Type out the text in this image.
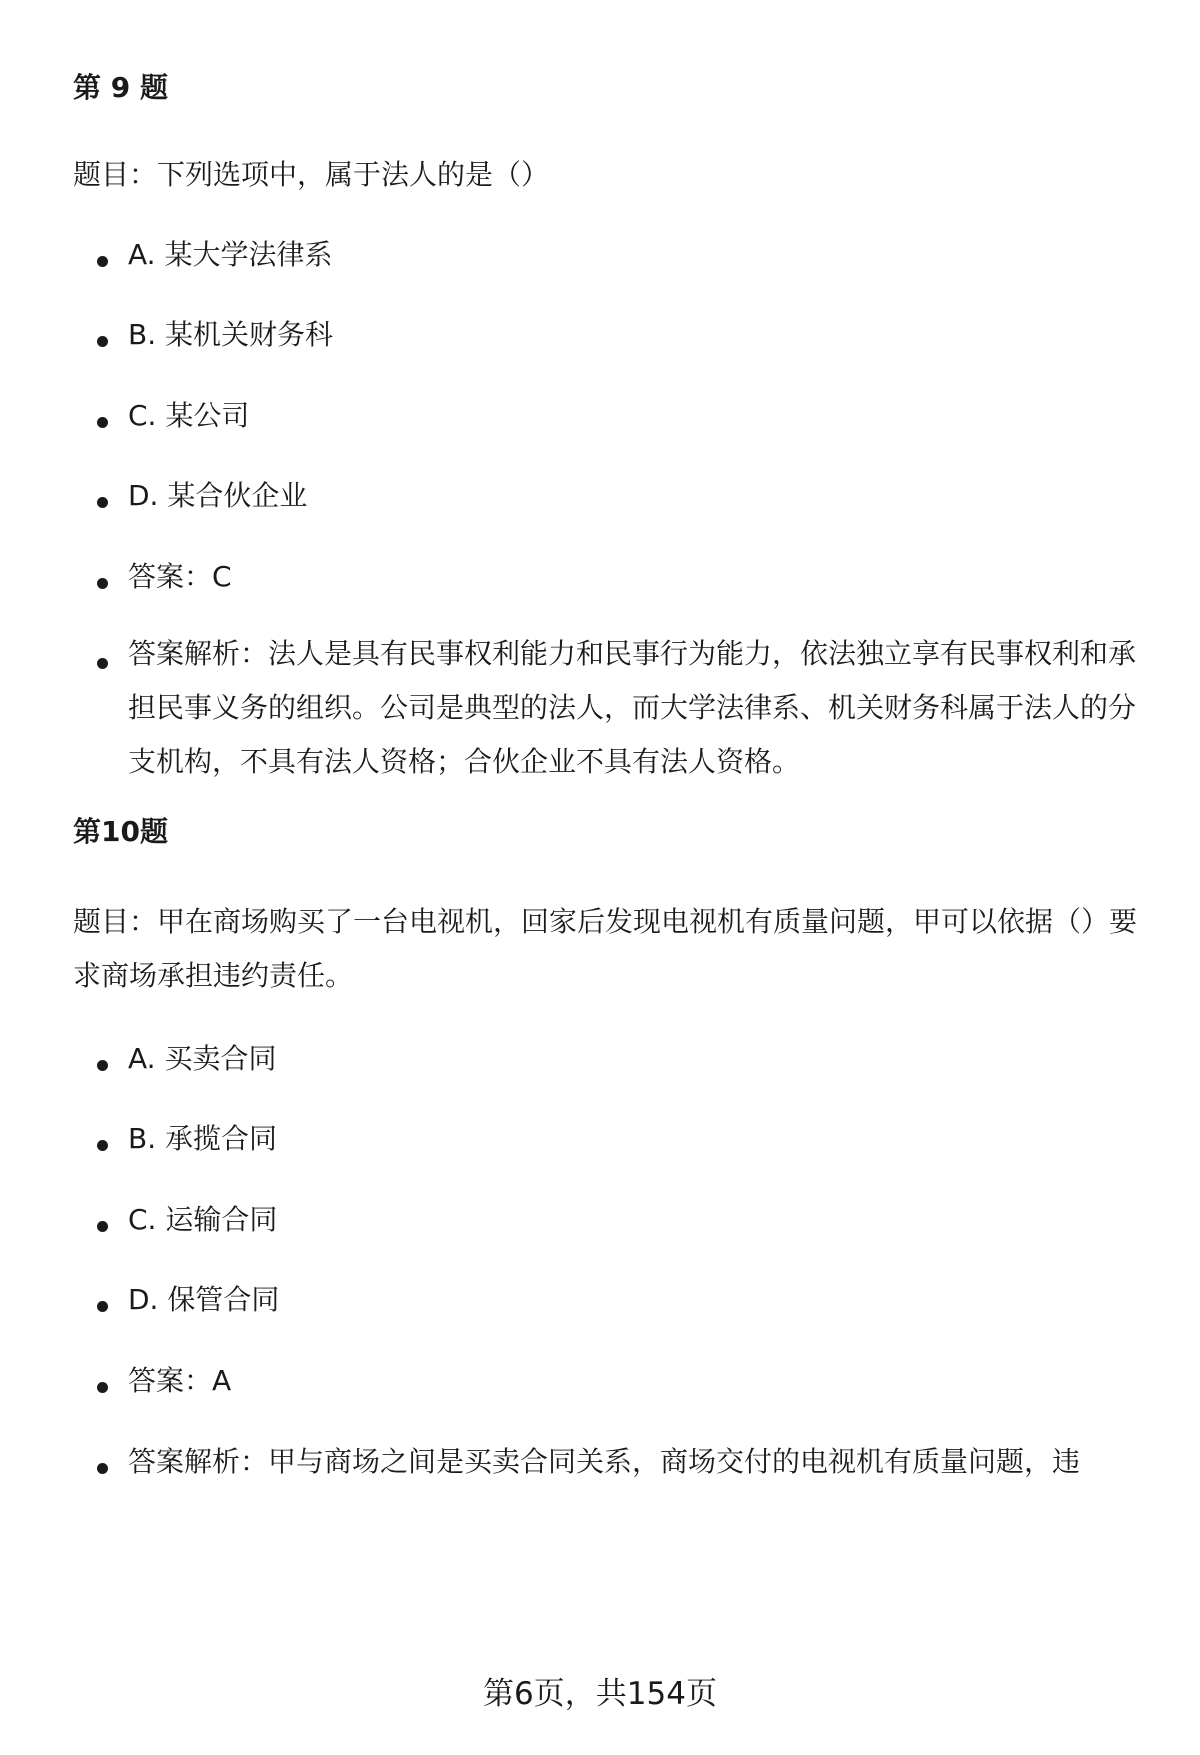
第 9 题
题目：下列选项中，属于法人的是（）
A. 某大学法律系
B. 某机关财务科
C. 某公司
D. 某合伙企业
答案：C
答案解析：法人是具有民事权利能力和民事行为能力，依法独立享有民事权利和承担民事义务的组织。公司是典型的法人，而大学法律系、机关财务科属于法人的分支机构，不具有法人资格；合伙企业不具有法人资格。
第10题
题目：甲在商场购买了一台电视机，回家后发现电视机有质量问题，甲可以依据（）要求商场承担违约责任。
A. 买卖合同
B. 承揽合同
C. 运输合同
D. 保管合同
答案：A
答案解析：甲与商场之间是买卖合同关系，商场交付的电视机有质量问题，违
第6页，共154页
